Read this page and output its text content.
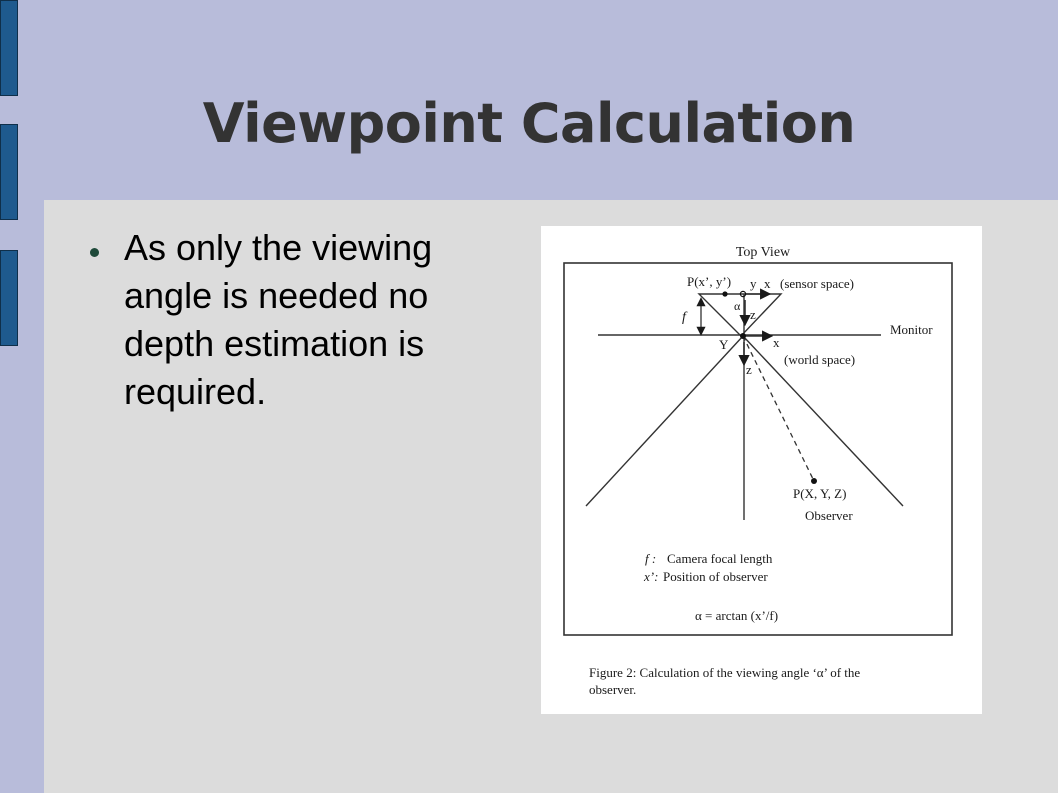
Viewpoint Calculation
As only the viewing angle is needed no depth estimation is required.
Top View
P(x’, y’) y x (sensor space)
α
z
f
Monitor
Y	x
(world space)
z
P(X, Y, Z)
Observer
f : Camera focal length
x’: Position of observer
α = arctan (x’/f)
Figure 2: Calculation of the viewing angle ‘α’ of the
observer.
